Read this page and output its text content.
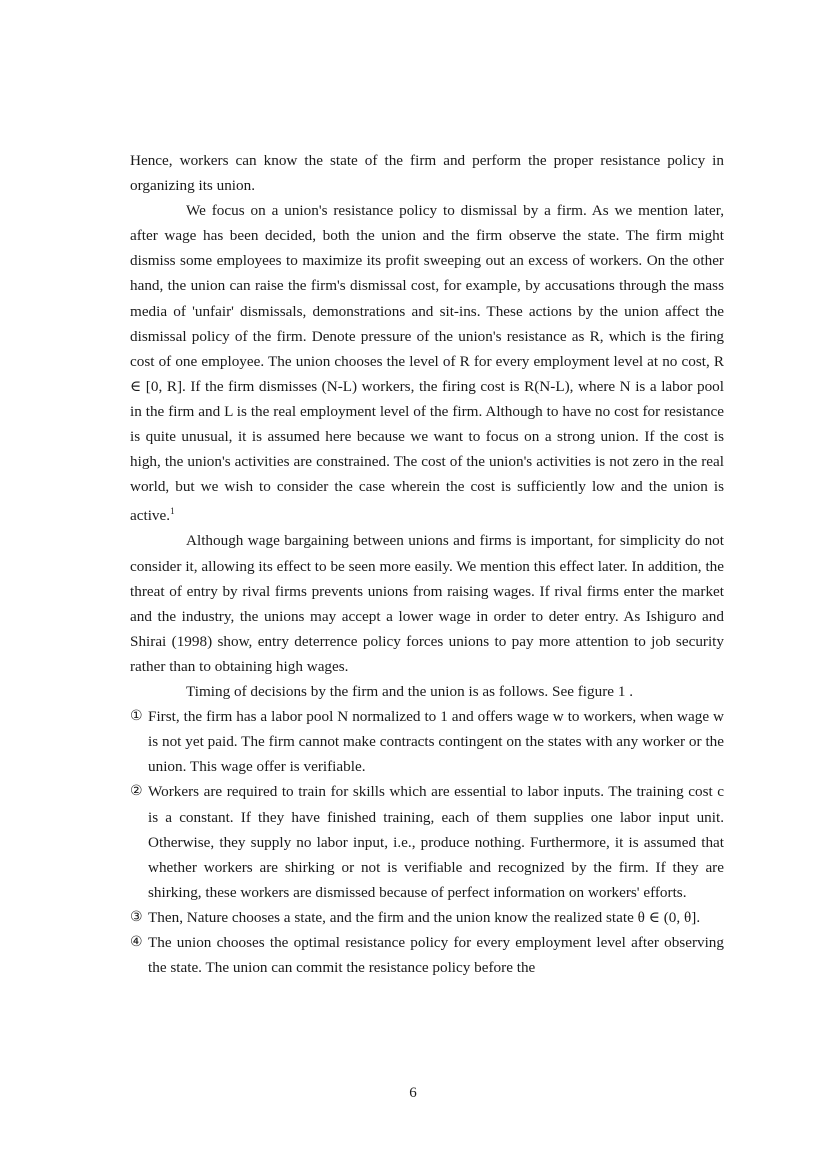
Hence, workers can know the state of the firm and perform the proper resistance policy in organizing its union.

We focus on a union's resistance policy to dismissal by a firm. As we mention later, after wage has been decided, both the union and the firm observe the state. The firm might dismiss some employees to maximize its profit sweeping out an excess of workers. On the other hand, the union can raise the firm's dismissal cost, for example, by accusations through the mass media of 'unfair' dismissals, demonstrations and sit-ins. These actions by the union affect the dismissal policy of the firm. Denote pressure of the union's resistance as R, which is the firing cost of one employee. The union chooses the level of R for every employment level at no cost, R ∈ [0, R]. If the firm dismisses (N-L) workers, the firing cost is R(N-L), where N is a labor pool in the firm and L is the real employment level of the firm. Although to have no cost for resistance is quite unusual, it is assumed here because we want to focus on a strong union. If the cost is high, the union's activities are constrained. The cost of the union's activities is not zero in the real world, but we wish to consider the case wherein the cost is sufficiently low and the union is active.$^1$

Although wage bargaining between unions and firms is important, for simplicity do not consider it, allowing its effect to be seen more easily. We mention this effect later. In addition, the threat of entry by rival firms prevents unions from raising wages. If rival firms enter the market and the industry, the unions may accept a lower wage in order to deter entry. As Ishiguro and Shirai (1998) show, entry deterrence policy forces unions to pay more attention to job security rather than to obtaining high wages.

Timing of decisions by the firm and the union is as follows. See figure 1 .

① First, the firm has a labor pool N normalized to 1 and offers wage w to workers, when wage w is not yet paid. The firm cannot make contracts contingent on the states with any worker or the union. This wage offer is verifiable.
② Workers are required to train for skills which are essential to labor inputs. The training cost c is a constant. If they have finished training, each of them supplies one labor input unit. Otherwise, they supply no labor input, i.e., produce nothing. Furthermore, it is assumed that whether workers are shirking or not is verifiable and recognized by the firm. If they are shirking, these workers are dismissed because of perfect information on workers' efforts.
③ Then, Nature chooses a state, and the firm and the union know the realized state θ ∈ (0, θ].
④ The union chooses the optimal resistance policy for every employment level after observing the state. The union can commit the resistance policy before the
6
